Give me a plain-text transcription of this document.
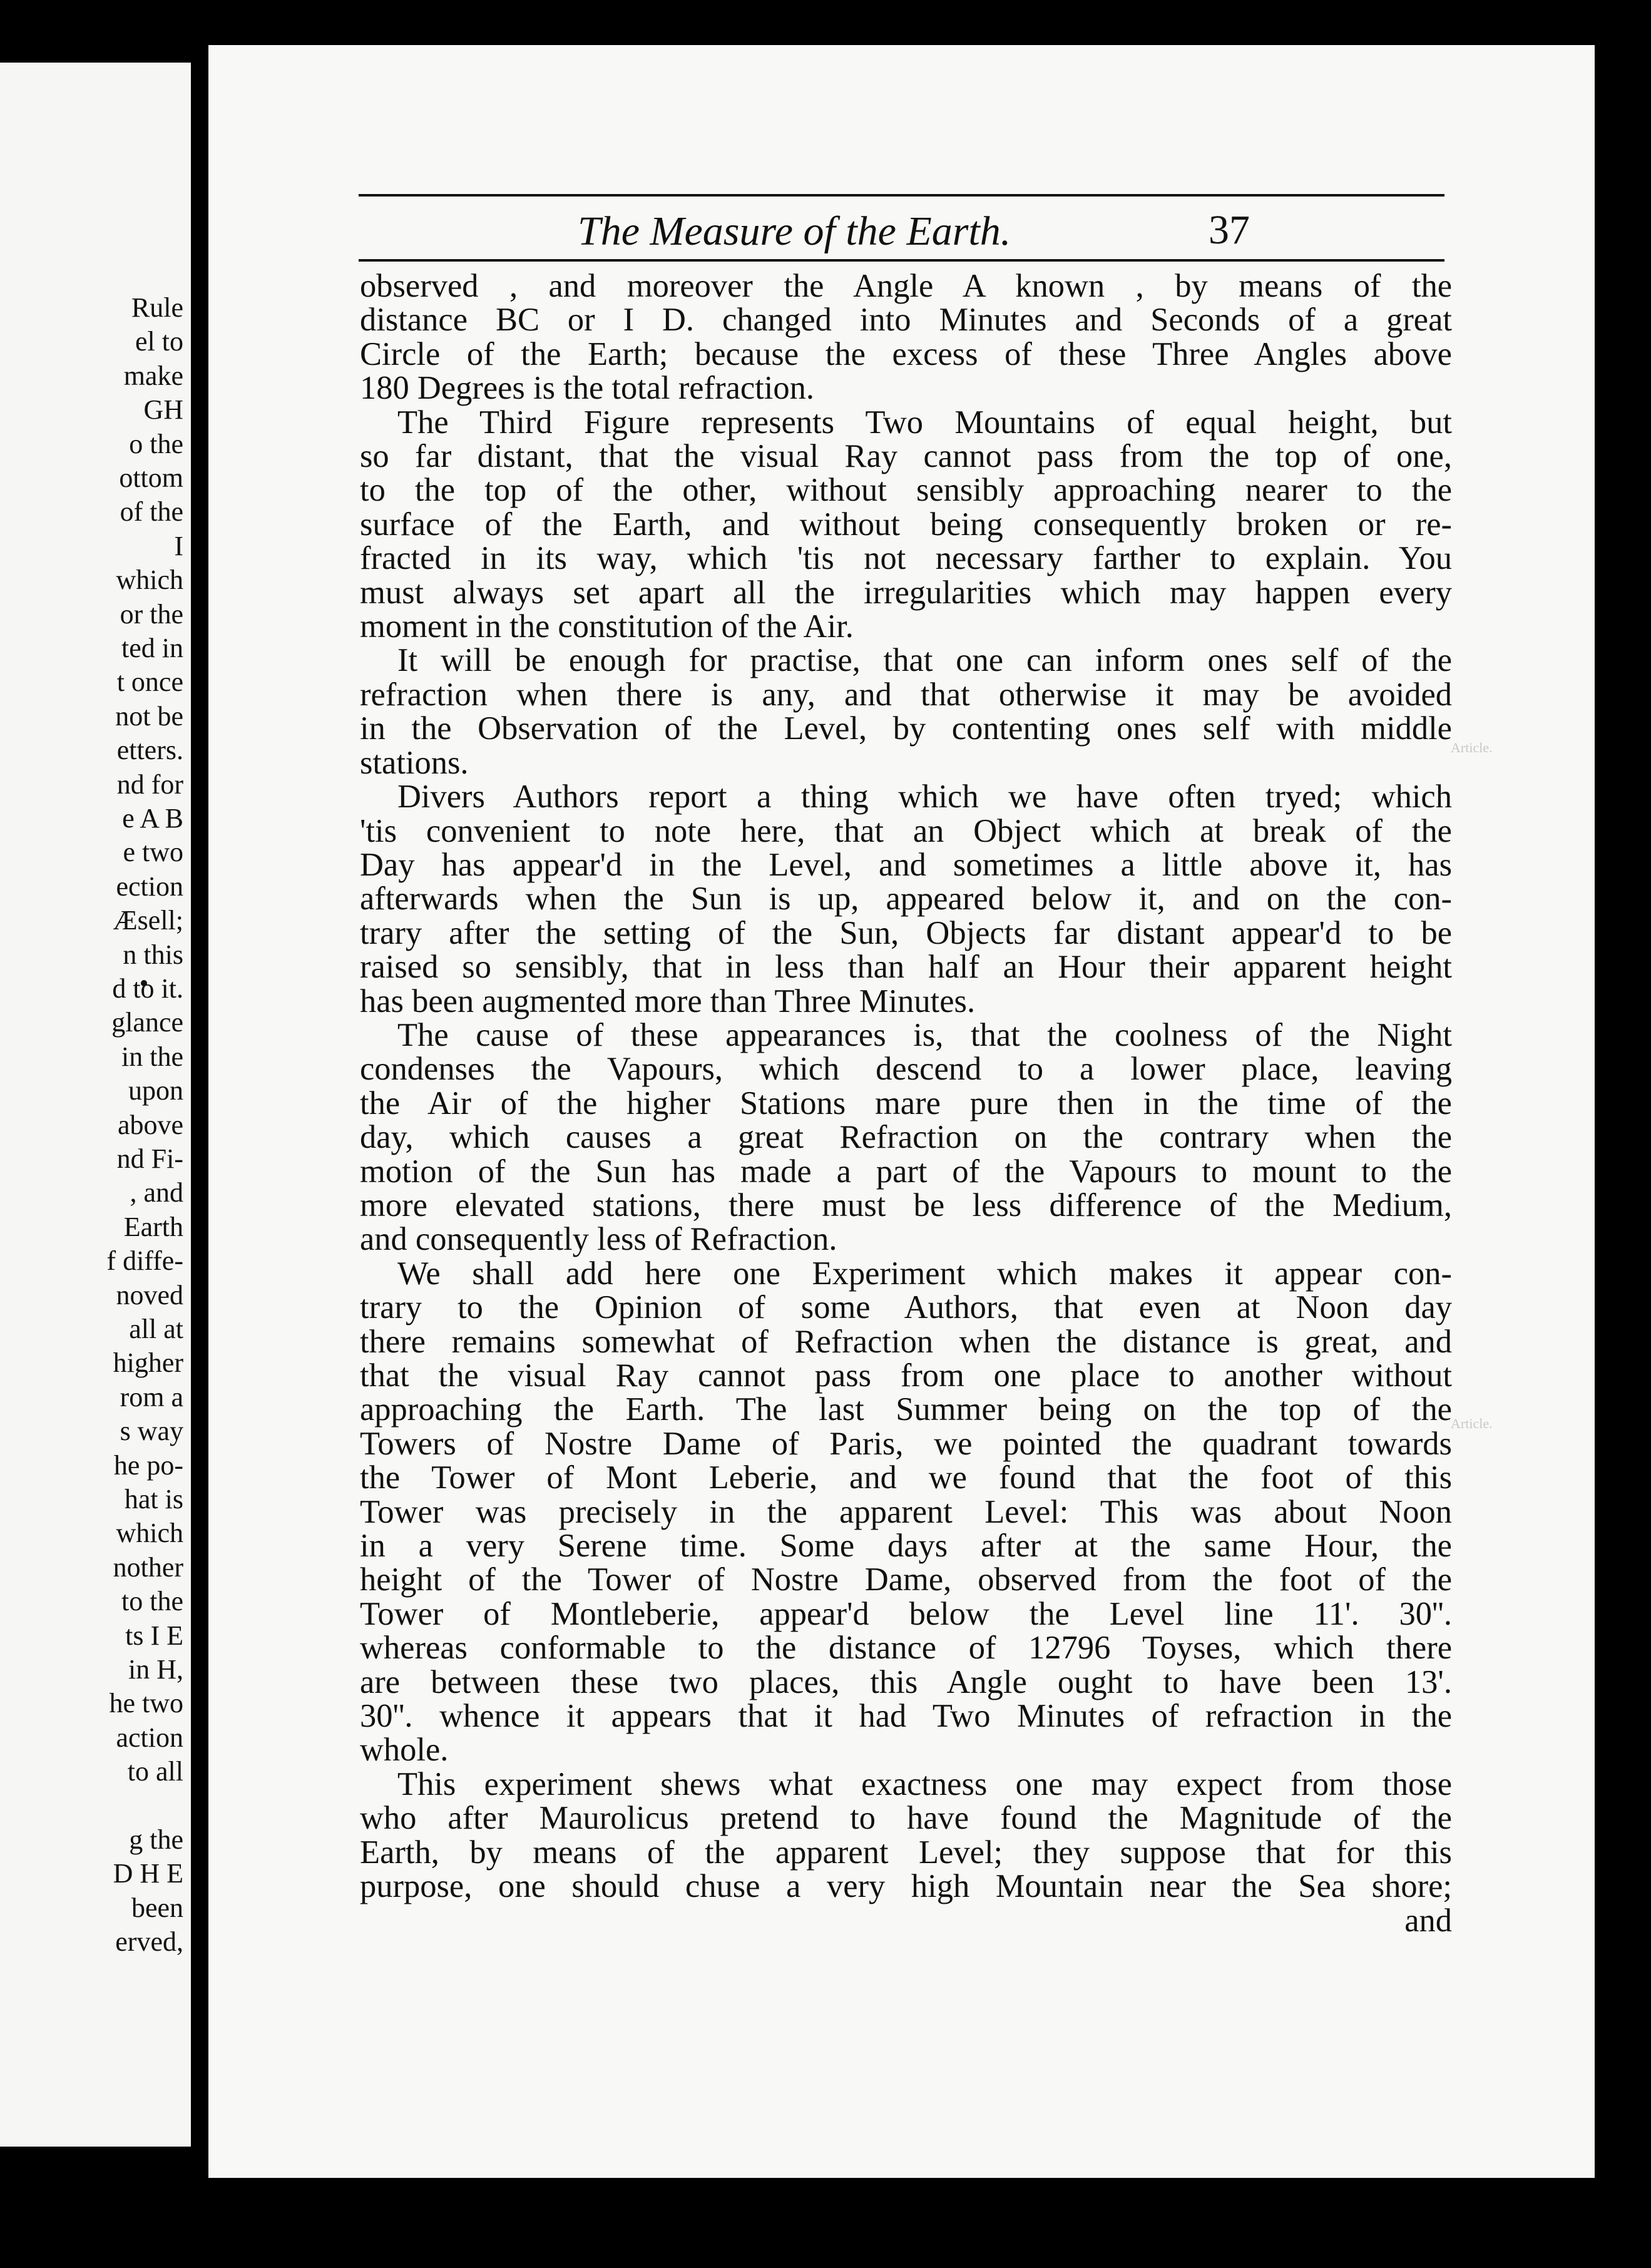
Rule
el to
make
GH
o the
ottom
of the
I
which
or the
ted in
t once
not be
etters.
nd for
e A B
e two
ection
Æsell;
n this
d to it.
glance
in the
upon
above
nd Fi-
, and
Earth
f diffe-
noved
all at
higher
rom a
s way
he po-
hat is
which
nother
to the
ts I E
in H,
he two
action
to all
g the
D H E
been
erved,
The Measure of the Earth.	37
Article.
Article.
observed , and moreover the Angle A known , by means of the
distance BC or I D. changed into Minutes and Seconds of a great
Circle of the Earth; because the excess of these Three Angles above
180 Degrees is the total refraction.
The Third Figure represents Two Mountains of equal height, but
so far distant, that the visual Ray cannot pass from the top of one,
to the top of the other, without sensibly approaching nearer to the
surface of the Earth, and without being consequently broken or re-
fracted in its way, which 'tis not necessary farther to explain. You
must always set apart all the irregularities which may happen every
moment in the constitution of the Air.
It will be enough for practise, that one can inform ones self of the
refraction when there is any, and that otherwise it may be avoided
in the Observation of the Level, by contenting ones self with middle
stations.
Divers Authors report a thing which we have often tryed; which
'tis convenient to note here, that an Object which at break of the
Day has appear'd in the Level, and sometimes a little above it, has
afterwards when the Sun is up, appeared below it, and on the con-
trary after the setting of the Sun, Objects far distant appear'd to be
raised so sensibly, that in less than half an Hour their apparent height
has been augmented more than Three Minutes.
The cause of these appearances is, that the coolness of the Night
condenses the Vapours, which descend to a lower place, leaving
the Air of the higher Stations mare pure then in the time of the
day, which causes a great Refraction on the contrary when the
motion of the Sun has made a part of the Vapours to mount to the
more elevated stations, there must be less difference of the Medium,
and consequently less of Refraction.
We shall add here one Experiment which makes it appear con-
trary to the Opinion of some Authors, that even at Noon day
there remains somewhat of Refraction when the distance is great, and
that the visual Ray cannot pass from one place to another without
approaching the Earth. The last Summer being on the top of the
Towers of Nostre Dame of Paris, we pointed the quadrant towards
the Tower of Mont Leberie, and we found that the foot of this
Tower was precisely in the apparent Level: This was about Noon
in a very Serene time. Some days after at the same Hour, the
height of the Tower of Nostre Dame, observed from the foot of the
Tower of Montleberie, appear'd below the Level line 11'. 30''.
whereas conformable to the distance of 12796 Toyses, which there
are between these two places, this Angle ought to have been 13'.
30''. whence it appears that it had Two Minutes of refraction in the
whole.
This experiment shews what exactness one may expect from those
who after Maurolicus pretend to have found the Magnitude of the
Earth, by means of the apparent Level; they suppose that for this
purpose, one should chuse a very high Mountain near the Sea shore;
and
